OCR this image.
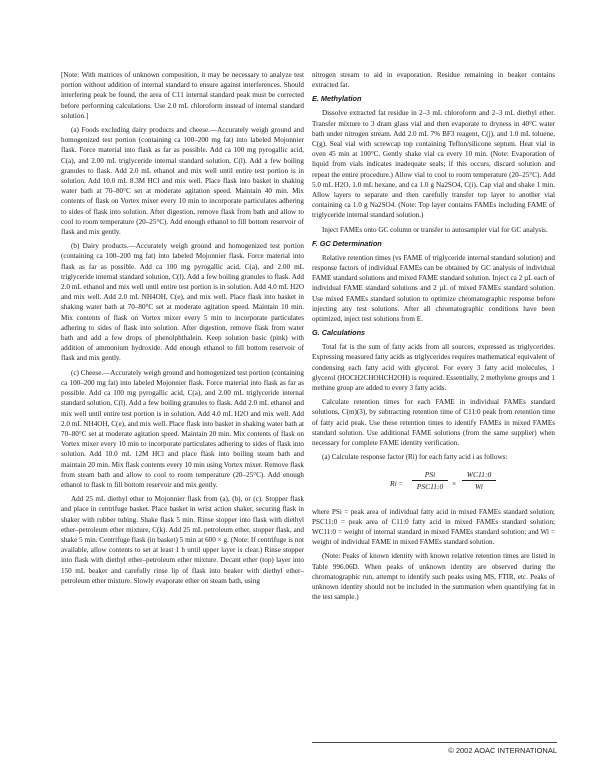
[Note: With matrices of unknown composition, it may be necessary to analyze test portion without addition of internal standard to ensure against interferences. Should interfering peak be found, the area of C11 internal standard peak must be corrected before performing calculations. Use 2.0 mL chloroform instead of internal standard solution.]

(a) Foods excluding dairy products and cheese.—Accurately weigh ground and homogenized test portion (containing ca 100–200 mg fat) into labeled Mojonnier flask. Force material into flask as far as possible. Add ca 100 mg pyrogallic acid, C(a), and 2.00 mL triglyceride internal standard solution, C(l). Add a few boiling granules to flask. Add 2.0 mL ethanol and mix well until entire test portion is in solution. Add 10.0 mL 8.3M HCl and mix well. Place flask into basket in shaking water bath at 70–80°C set at moderate agitation speed. Maintain 40 min. Mix contents of flask on Vortex mixer every 10 min to incorporate particulates adhering to sides of flask into solution. After digestion, remove flask from bath and allow to cool to room temperature (20–25°C). Add enough ethanol to fill bottom reservoir of flask and mix gently.

(b) Dairy products.—Accurately weigh ground and homogenized test portion (containing ca 100–200 mg fat) into labeled Mojonnier flask. Force material into flask as far as possible. Add ca 100 mg pyrogallic acid, C(a), and 2.00 mL triglyceride internal standard solution, C(l). Add a few boiling granules to flask. Add 2.0 mL ethanol and mix well until entire test portion is in solution. Add 4.0 mL H2O and mix well. Add 2.0 mL NH4OH, C(e), and mix well. Place flask into basket in shaking water bath at 70–80°C set at moderate agitation speed. Maintain 10 min. Mix contents of flask on Vortex mixer every 5 min to incorporate particulates adhering to sides of flask into solution. After digestion, remove flask from water bath and add a few drops of phenolphthalein. Keep solution basic (pink) with addition of ammonium hydroxide. Add enough ethanol to fill bottom reservoir of flask and mix gently.

(c) Cheese.—Accurately weigh ground and homogenized test portion (containing ca 100–200 mg fat) into labeled Mojonnier flask. Force material into flask as far as possible. Add ca 100 mg pyrogallic acid, C(a), and 2.00 mL triglyceride internal standard solution, C(l). Add a few boiling granules to flask. Add 2.0 mL ethanol and mix well until entire test portion is in solution. Add 4.0 mL H2O and mix well. Add 2.0 mL NH4OH, C(e), and mix well. Place flask into basket in shaking water bath at 70–80°C set at moderate agitation speed. Maintain 20 min. Mix contents of flask on Vortex mixer every 10 min to incorporate particulates adhering to sides of flask into solution. Add 10.0 mL 12M HCl and place flask into boiling steam bath and maintain 20 min. Mix flask contents every 10 min using Vortex mixer. Remove flask from steam bath and allow to cool to room temperature (20–25°C). Add enough ethanol to flask to fill bottom reservoir and mix gently.

Add 25 mL diethyl ether to Mojonnier flask from (a), (b), or (c). Stopper flask and place in centrifuge basket. Place basket in wrist action shaker, securing flask in shaker with rubber tubing. Shake flask 5 min. Rinse stopper into flask with diethyl ether–petroleum ether mixture, C(k). Add 25 mL petroleum ether, stopper flask, and shake 5 min. Centrifuge flask (in basket) 5 min at 600 × g. (Note: If centrifuge is not available, allow contents to set at least 1 h until upper layer is clear.) Rinse stopper into flask with diethyl ether–petroleum ether mixture. Decant ether (top) layer into 150 mL beaker and carefully rinse lip of flask into beaker with diethyl ether–petroleum ether mixture. Slowly evaporate ether on steam bath, using

nitrogen stream to aid in evaporation. Residue remaining in beaker contains extracted fat.

E. Methylation

Dissolve extracted fat residue in 2–3 mL chloroform and 2–3 mL diethyl ether. Transfer mixture to 3 dram glass vial and then evaporate to dryness in 40°C water bath under nitrogen stream. Add 2.0 mL 7% BF3 reagent, C(j), and 1.0 mL toluene, C(g). Seal vial with screwcap top containing Teflon/silicone septum. Heat vial in oven 45 min at 100°C. Gently shake vial ca every 10 min. (Note: Evaporation of liquid from vials indicates inadequate seals; if this occurs, discard solution and repeat the entire procedure.) Allow vial to cool to room temperature (20–25°C). Add 5.0 mL H2O, 1.0 mL hexane, and ca 1.0 g Na2SO4, C(i). Cap vial and shake 1 min. Allow layers to separate and then carefully transfer top layer to another vial containing ca 1.0 g Na2SO4. (Note: Top layer contains FAMEs including FAME of triglyceride internal standard solution.)

Inject FAMEs onto GC column or transfer to autosampler vial for GC analysis.

F. GC Determination

Relative retention times (vs FAME of triglyceride internal standard solution) and response factors of individual FAMEs can be obtained by GC analysis of individual FAME standard solutions and mixed FAME standard solution. Inject ca 2 µL each of individual FAME standard solutions and 2 µL of mixed FAMEs standard solution. Use mixed FAMEs standard solution to optimize chromatographic response before injecting any test solutions. After all chromatographic conditions have been optimized, inject test solutions from E.

G. Calculations

Total fat is the sum of fatty acids from all sources, expressed as triglycerides. Expressing measured fatty acids as triglycerides requires mathematical equivalent of condensing each fatty acid with glycerol. For every 3 fatty acid molecules, 1 glycerol (HOCH2CHOHCH2OH) is required. Essentially, 2 methylene groups and 1 methine group are added to every 3 fatty acids.

Calculate retention times for each FAME in individual FAMEs standard solutions, C(m)(3), by subtracting retention time of C11:0 peak from retention time of fatty acid peak. Use these retention times to identify FAMEs in mixed FAMEs standard solution. Use additional FAME solutions (from the same supplier) when necessary for complete FAME identity verification.

(a) Calculate response factor (Ri) for each fatty acid i as follows:

Ri =
PSi
PSC11:0	× $\frac{WC11:0}{Wi}$

where PSi = peak area of individual fatty acid in mixed FAMEs standard solution; PSC11:0 = peak area of C11:0 fatty acid in mixed FAMEs standard solution; WC11:0 = weight of internal standard in mixed FAMEs standard solution; and Wi = weight of individual FAME in mixed FAMEs standard solution.

(Note: Peaks of known identity with known relative retention times are listed in Table 996.06D. When peaks of unknown identity are observed during the chromatographic run, attempt to identify such peaks using MS, FTIR, etc. Peaks of unknown identity should not be included in the summation when quantifying fat in the test sample.)

© 2002 AOAC INTERNATIONAL
